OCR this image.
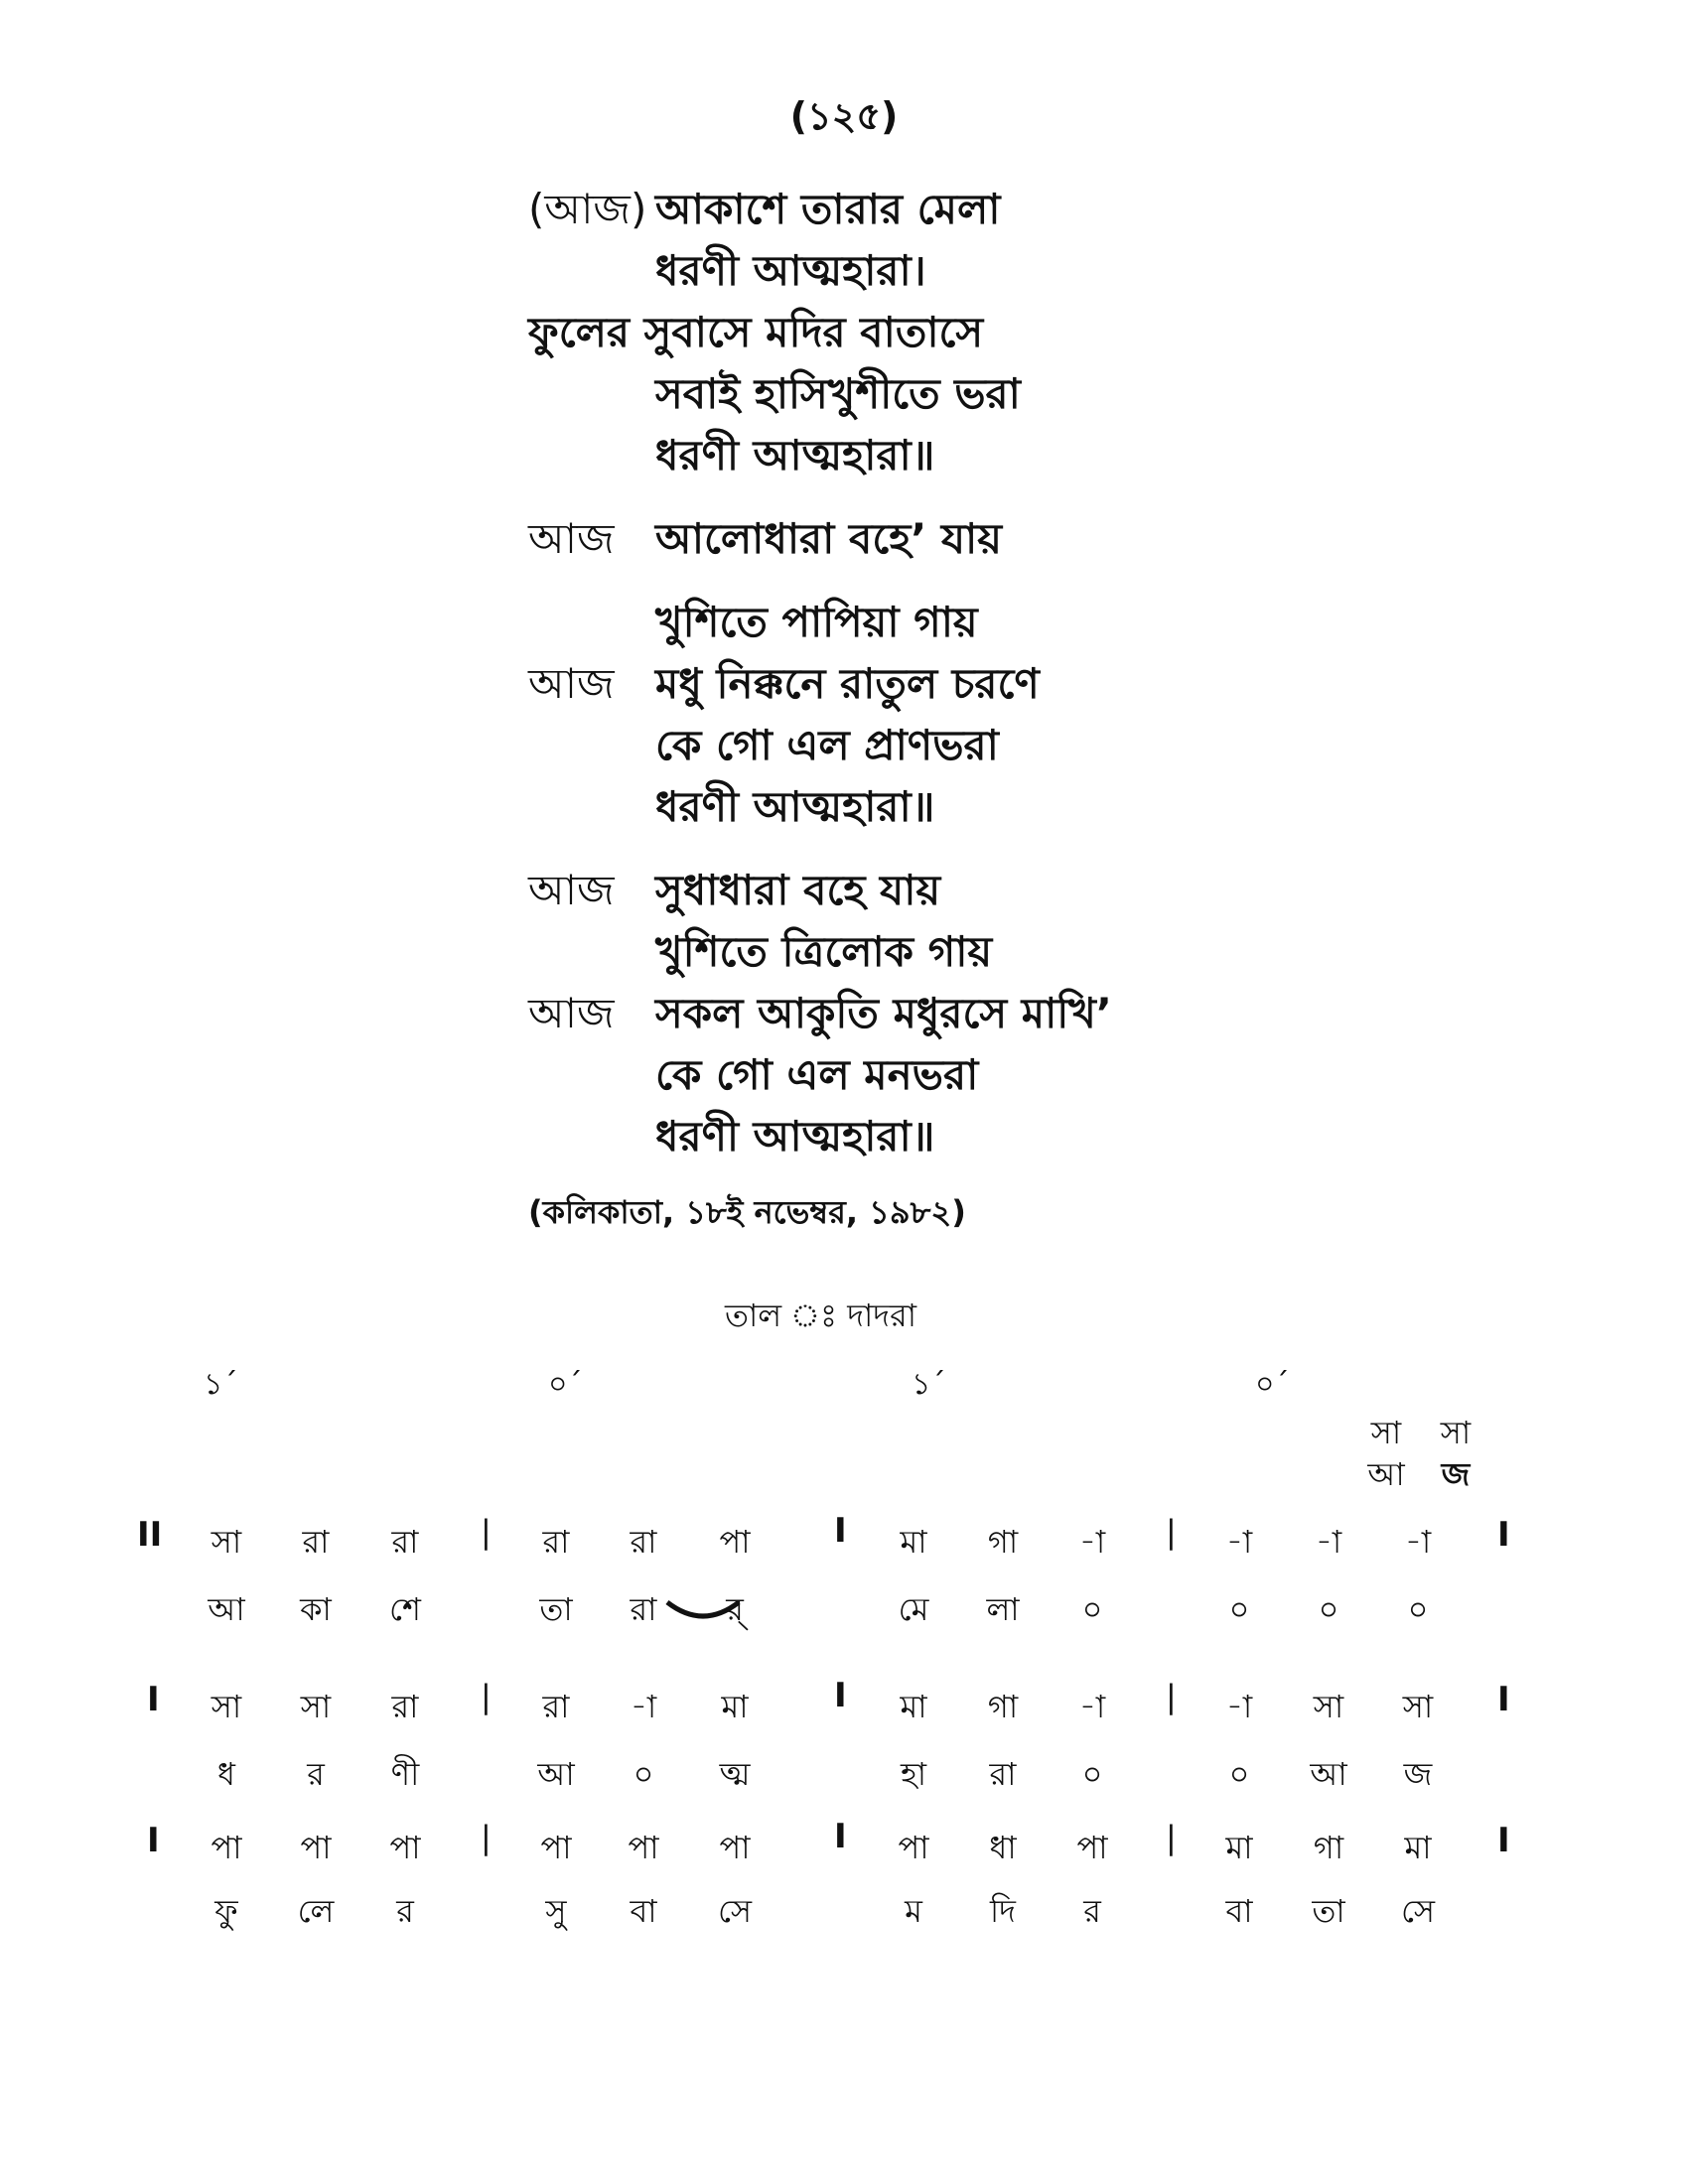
(১২৫)
(আজ) আকাশে তারার মেলা
ধরণী আত্মহারা।
ফুলের সুবাসে মদির বাতাসে
সবাই হাসিখুশীতে ভরা
ধরণী আত্মহারা॥
আজ আলোধারা বহে’ যায়
খুশিতে পাপিয়া গায়
আজ মধু নিক্কনে রাতুল চরণে
কে গো এল প্রাণভরা
ধরণী আত্মহারা॥
আজ সুধাধারা বহে যায়
খুশিতে ত্রিলোক গায়
আজ সকল আকুতি মধুরসে মাখি’
কে গো এল মনভরা
ধরণী আত্মহারা॥
(কলিকাতা, ১৮ই নভেম্বর, ১৯৮২)
তাল ঃ দাদরা
১´	০´	১´	০´
সা	সা
আ	জ
II	I	I
|	|
সা	রা	রা	রা	রা	পা	মা	গা	-া	-া	-া	-া
আ	কা	শে	তা	রা	র্	মে	লা	০	০	০	০
I	I	I
|	|
সা	সা	রা	রা	-া	মা	মা	গা	-া	-া	সা	সা
ধ	র	ণী	আ	০	ত্ম	হা	রা	০	০	আ	জ
I	I	I
|	|
পা	পা	পা	পা	পা	পা	পা	ধা	পা	মা	গা	মা
ফু	লে	র	সু	বা	সে	ম	দি	র	বা	তা	সে
